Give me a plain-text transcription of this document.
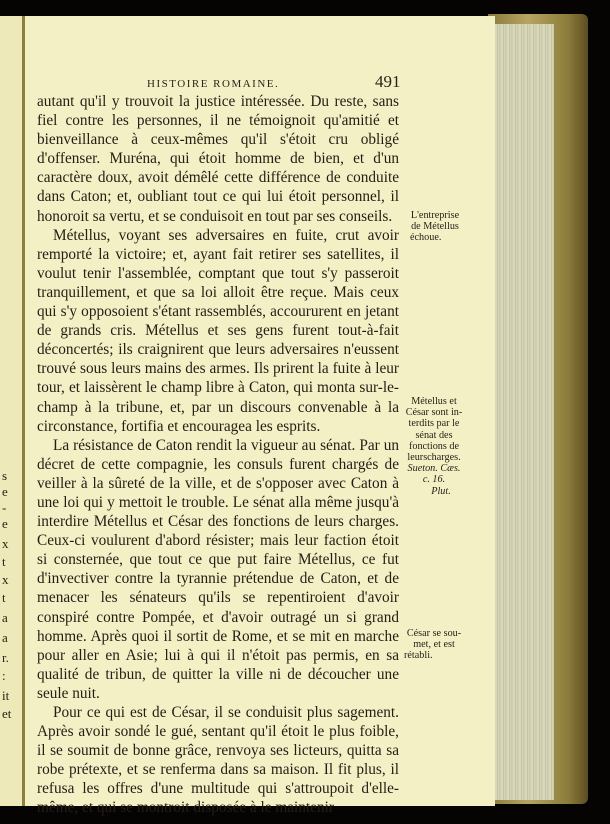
HISTOIRE ROMAINE.	491

autant qu'il y trouvoit la justice intéressée. Du reste, sans fiel contre les personnes, il ne témoignoit qu'amitié et bienveillance à ceux-mêmes qu'il s'étoit cru obligé d'offenser. Muréna, qui étoit homme de bien, et d'un caractère doux, avoit démêlé cette différence de conduite dans Caton; et, oubliant tout ce qui lui étoit personnel, il honoroit sa vertu, et se conduisoit en tout par ses conseils.

Métellus, voyant ses adversaires en fuite, crut avoir remporté la victoire; et, ayant fait retirer ses satellites, il voulut tenir l'assemblée, comptant que tout s'y passeroit tranquillement, et que sa loi alloit être reçue. Mais ceux qui s'y opposoient s'étant rassemblés, accoururent en jetant de grands cris. Métellus et ses gens furent tout-à-fait déconcertés; ils craignirent que leurs adversaires n'eussent trouvé sous leurs mains des armes. Ils prirent la fuite à leur tour, et laissèrent le champ libre à Caton, qui monta sur-le-champ à la tribune, et, par un discours convenable à la circonstance, fortifia et encouragea les esprits.

La résistance de Caton rendit la vigueur au sénat. Par un décret de cette compagnie, les consuls furent chargés de veiller à la sûreté de la ville, et de s'opposer avec Caton à une loi qui y mettoit le trouble. Le sénat alla même jusqu'à interdire Métellus et César des fonctions de leurs charges. Ceux-ci voulurent d'abord résister; mais leur faction étoit si consternée, que tout ce que put faire Métellus, ce fut d'invectiver contre la tyrannie prétendue de Caton, et de menacer les sénateurs qu'ils se repentiroient d'avoir conspiré contre Pompée, et d'avoir outragé un si grand homme. Après quoi il sortit de Rome, et se mit en marche pour aller en Asie; lui à qui il n'étoit pas permis, en sa qualité de tribun, de quitter la ville ni de découcher une seule nuit.

Pour ce qui est de César, il se conduisit plus sagement. Après avoir sondé le gué, sentant qu'il étoit le plus foible, il se soumit de bonne grâce, renvoya ses licteurs, quitta sa robe prétexte, et se renferma dans sa maison. Il fit plus, il refusa les offres d'une multitude qui s'attroupoit d'elle-même, et qui se montroit disposée à le maintenir

L'entreprise
de Métellus
échoue.
Métellus et
César sont in-
terdits par le
sénat des
fonctions de
leurscharges.
Sueton. Cæs.
c. 16.
Plut.
César se sou-
met, et est
rétabli.
s
e
-
e
x
t
x
t
a
a
r.
:
it
et
